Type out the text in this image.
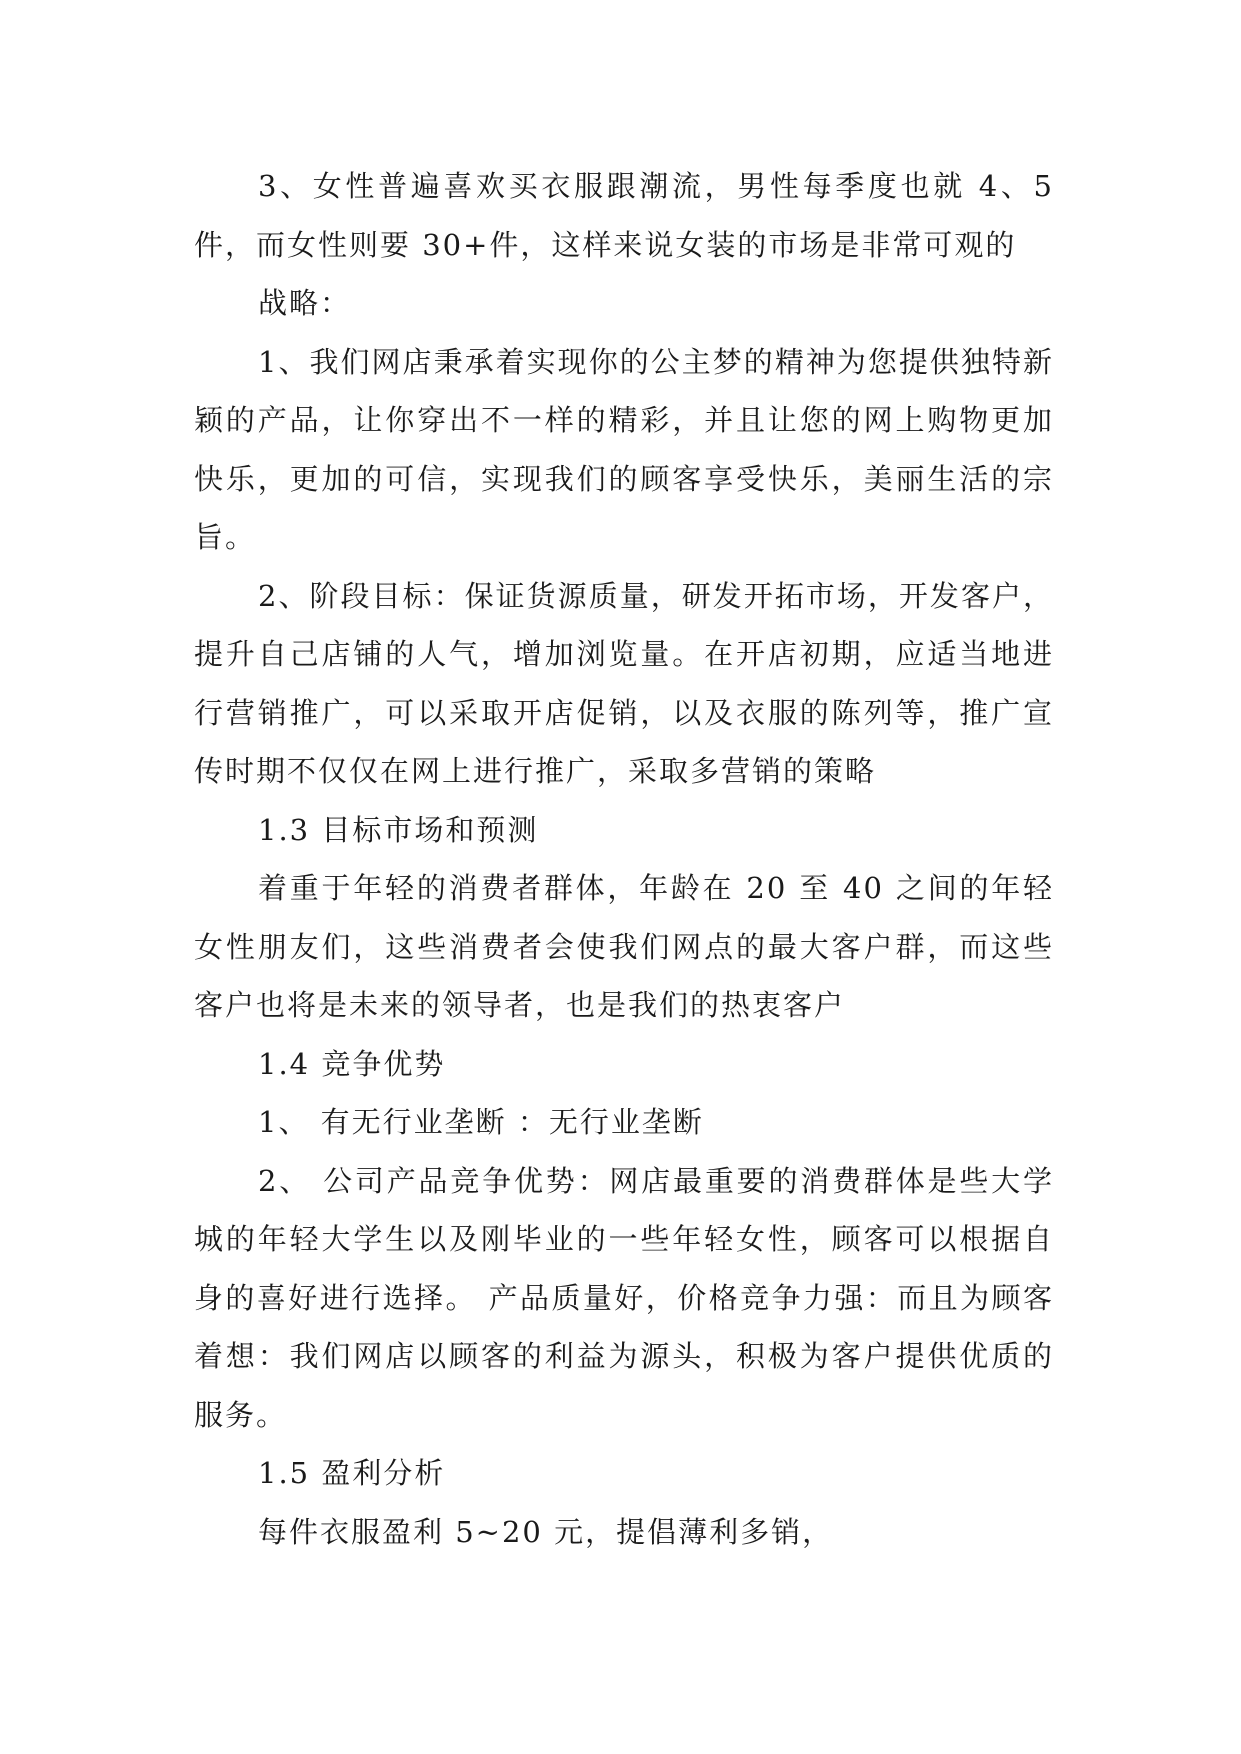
3、女性普遍喜欢买衣服跟潮流，男性每季度也就 4、5 件，而女性则要 30+件，这样来说女装的市场是非常可观的

战略：

1、我们网店秉承着实现你的公主梦的精神为您提供独特新颖的产品，让你穿出不一样的精彩，并且让您的网上购物更加快乐，更加的可信，实现我们的顾客享受快乐，美丽生活的宗旨。

2、阶段目标：保证货源质量，研发开拓市场，开发客户，提升自己店铺的人气，增加浏览量。在开店初期，应适当地进行营销推广，可以采取开店促销，以及衣服的陈列等，推广宣传时期不仅仅在网上进行推广，采取多营销的策略

1.3 目标市场和预测

着重于年轻的消费者群体，年龄在 20 至 40 之间的年轻女性朋友们，这些消费者会使我们网点的最大客户群，而这些客户也将是未来的领导者，也是我们的热衷客户

1.4 竞争优势

1、 有无行业垄断 ：无行业垄断

2、 公司产品竞争优势：网店最重要的消费群体是些大学城的年轻大学生以及刚毕业的一些年轻女性，顾客可以根据自身的喜好进行选择。 产品质量好，价格竞争力强：而且为顾客着想：我们网店以顾客的利益为源头，积极为客户提供优质的服务。

1.5 盈利分析

每件衣服盈利 5~20 元，提倡薄利多销，
